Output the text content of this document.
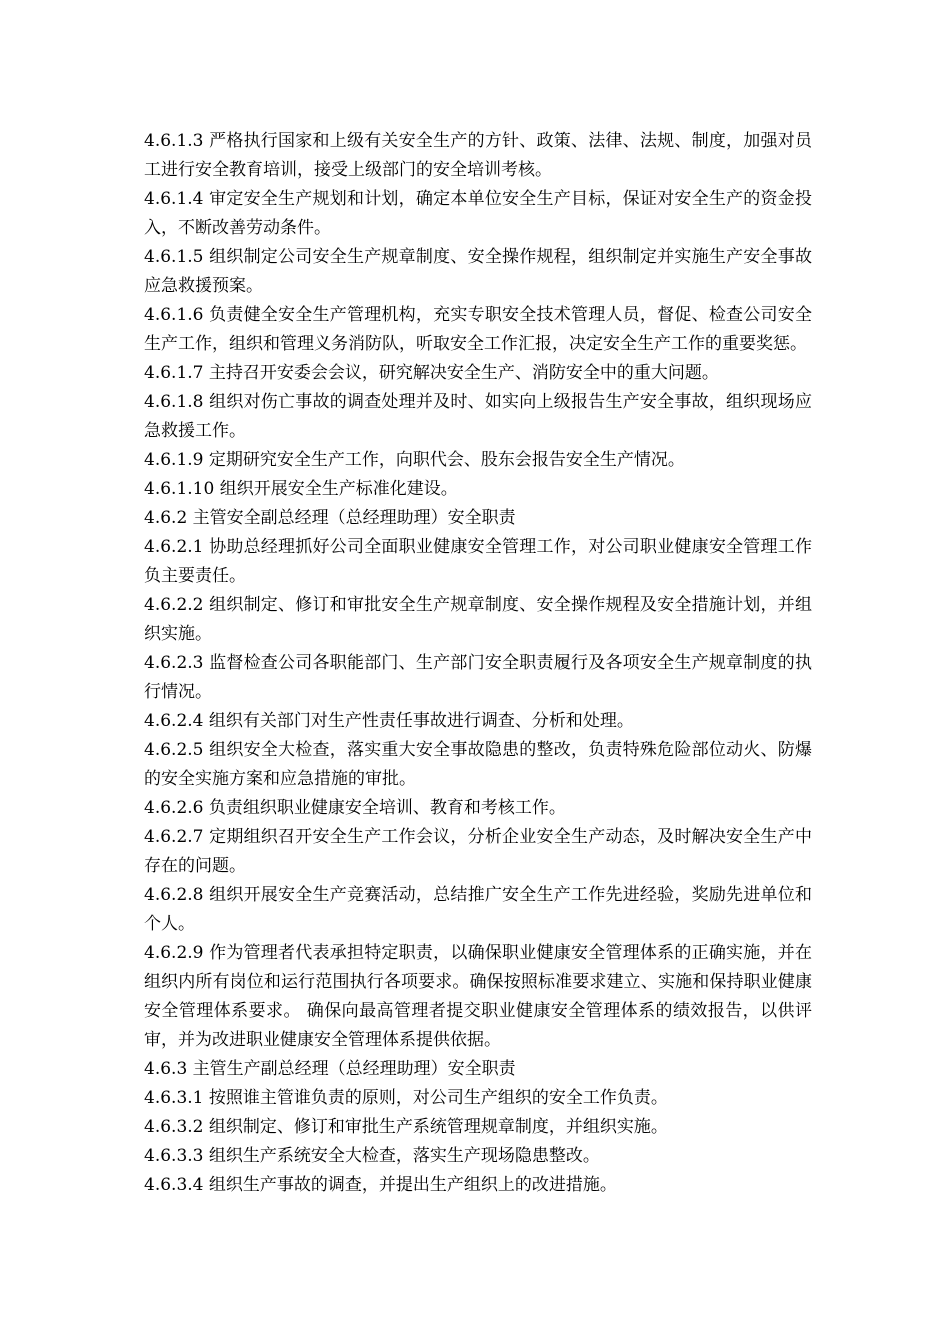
4.6.1.3 严格执行国家和上级有关安全生产的方针、政策、法律、法规、制度，加强对员工进行安全教育培训，接受上级部门的安全培训考核。

4.6.1.4 审定安全生产规划和计划，确定本单位安全生产目标，保证对安全生产的资金投入，不断改善劳动条件。

4.6.1.5 组织制定公司安全生产规章制度、安全操作规程，组织制定并实施生产安全事故应急救援预案。

4.6.1.6 负责健全安全生产管理机构，充实专职安全技术管理人员，督促、检查公司安全生产工作，组织和管理义务消防队，听取安全工作汇报，决定安全生产工作的重要奖惩。

4.6.1.7 主持召开安委会会议，研究解决安全生产、消防安全中的重大问题。

4.6.1.8 组织对伤亡事故的调查处理并及时、如实向上级报告生产安全事故，组织现场应急救援工作。

4.6.1.9 定期研究安全生产工作，向职代会、股东会报告安全生产情况。

4.6.1.10 组织开展安全生产标准化建设。

4.6.2 主管安全副总经理（总经理助理）安全职责

4.6.2.1 协助总经理抓好公司全面职业健康安全管理工作，对公司职业健康安全管理工作负主要责任。

4.6.2.2 组织制定、修订和审批安全生产规章制度、安全操作规程及安全措施计划，并组织实施。

4.6.2.3 监督检查公司各职能部门、生产部门安全职责履行及各项安全生产规章制度的执行情况。

4.6.2.4 组织有关部门对生产性责任事故进行调查、分析和处理。

4.6.2.5 组织安全大检查，落实重大安全事故隐患的整改，负责特殊危险部位动火、防爆的安全实施方案和应急措施的审批。

4.6.2.6 负责组织职业健康安全培训、教育和考核工作。

4.6.2.7 定期组织召开安全生产工作会议，分析企业安全生产动态，及时解决安全生产中存在的问题。

4.6.2.8 组织开展安全生产竞赛活动，总结推广安全生产工作先进经验，奖励先进单位和个人。

4.6.2.9 作为管理者代表承担特定职责，以确保职业健康安全管理体系的正确实施，并在组织内所有岗位和运行范围执行各项要求。确保按照标准要求建立、实施和保持职业健康安全管理体系要求。 确保向最高管理者提交职业健康安全管理体系的绩效报告，以供评审，并为改进职业健康安全管理体系提供依据。

4.6.3 主管生产副总经理（总经理助理）安全职责

4.6.3.1 按照谁主管谁负责的原则，对公司生产组织的安全工作负责。

4.6.3.2 组织制定、修订和审批生产系统管理规章制度，并组织实施。

4.6.3.3 组织生产系统安全大检查，落实生产现场隐患整改。

4.6.3.4 组织生产事故的调查，并提出生产组织上的改进措施。
